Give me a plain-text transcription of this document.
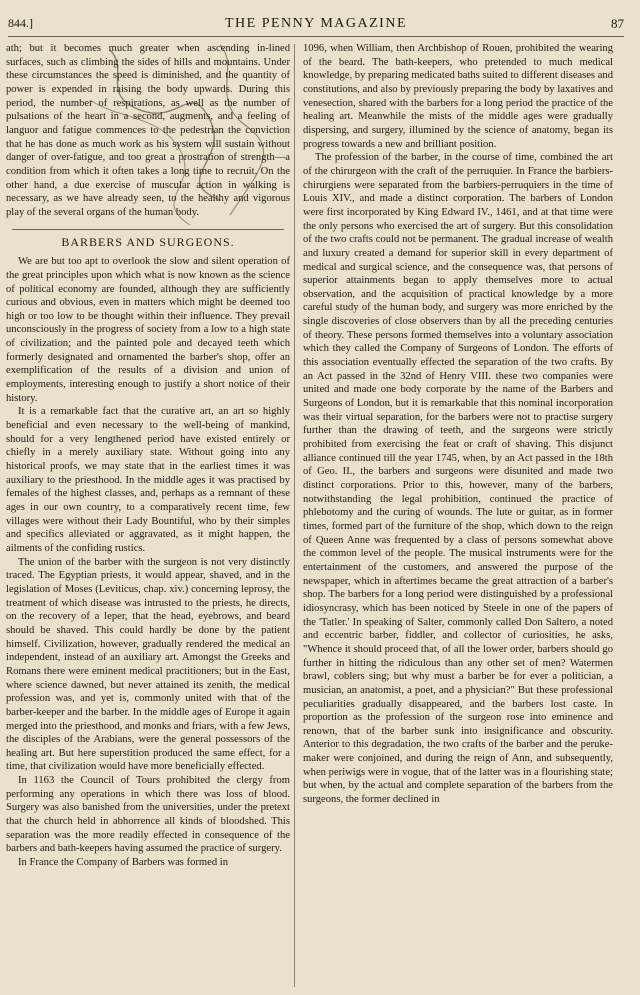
844.]	THE PENNY MAGAZINE	87

ath; but it becomes much greater when ascending in-lined surfaces, such as climbing the sides of hills and mountains. Under these circumstances the speed is diminished, and the quantity of power is expended in raising the body upwards. During this period, the number of respirations, as well as the number of pulsations of the heart in a second, augments, and a feeling of languor and fatigue commences to the pedestrian the conviction that he has done as much work as his system will sustain without danger of over-fatigue, and too great a prostration of strength—a condition from which it often takes a long time to recruit. On the other hand, a due exercise of muscular action in walking is necessary, as we have already seen, to the healthy and vigorous play of the several organs of the human body.

BARBERS AND SURGEONS.

We are but too apt to overlook the slow and silent operation of the great principles upon which what is now known as the science of political economy are founded, although they are sufficiently curious and obvious, even in matters which might be deemed too high or too low to be thought within their influence. They prevail unconsciously in the progress of society from a low to a high state of civilization; and the painted pole and decayed teeth which formerly designated and ornamented the barber's shop, offer an exemplification of the results of a division and union of employments, interesting enough to justify a short notice of their history.

It is a remarkable fact that the curative art, an art so highly beneficial and even necessary to the well-being of mankind, should for a very lengthened period have existed entirely or chiefly in a merely auxiliary state. Without going into any historical proofs, we may state that in the earliest times it was auxiliary to the priesthood. In the middle ages it was practised by females of the highest classes, and, perhaps as a remnant of these ages in our own country, to a comparatively recent time, few villages were without their Lady Bountiful, who by their simples and specifics alleviated or aggravated, as it might happen, the ailments of the confiding rustics.

The union of the barber with the surgeon is not very distinctly traced. The Egyptian priests, it would appear, shaved, and in the legislation of Moses (Leviticus, chap. xiv.) concerning leprosy, the treatment of which disease was intrusted to the priests, he directs, on the recovery of a leper, that the head, eyebrows, and beard should be shaved. This could hardly be done by the patient himself. Civilization, however, gradually rendered the medical an independent, instead of an auxiliary art. Amongst the Greeks and Romans there were eminent medical practitioners; but in the East, where science dawned, but never attained its zenith, the medical profession was, and yet is, commonly united with that of the barber-keeper and the barber. In the middle ages of Europe it again merged into the priesthood, and monks and friars, with a few Jews, the disciples of the Arabians, were the general possessors of the healing art. But here superstition produced the same effect, for a time, that civilization would have more beneficially effected.

In 1163 the Council of Tours prohibited the clergy from performing any operations in which there was loss of blood. Surgery was also banished from the universities, under the pretext that the church held in abhorrence all kinds of bloodshed. This separation was the more readily effected in consequence of the barbers and bath-keepers having assumed the practice of surgery.

In France the Company of Barbers was formed in

1096, when William, then Archbishop of Rouen, prohibited the wearing of the beard. The bath-keepers, who pretended to much medical knowledge, by preparing medicated baths suited to different diseases and constitutions, and also by previously preparing the body by laxatives and venesection, shared with the barbers for a long period the practice of the healing art. Meanwhile the mists of the middle ages were gradually dispersing, and surgery, illumined by the science of anatomy, began its progress towards a new and brilliant position.

The profession of the barber, in the course of time, combined the art of the chirurgeon with the craft of the perruquier. In France the barbiers-chirurgiens were separated from the barbiers-perruquiers in the time of Louis XIV., and made a distinct corporation. The barbers of London were first incorporated by King Edward IV., 1461, and at that time were the only persons who exercised the art of surgery. But this consolidation of the two crafts could not be permanent. The gradual increase of wealth and luxury created a demand for superior skill in every department of medical and surgical science, and the consequence was, that persons of superior attainments began to apply themselves more to actual observation, and the acquisition of practical knowledge by a more careful study of the human body, and surgery was more enriched by the single discoveries of close observers than by all the preceding centuries of theory. These persons formed themselves into a voluntary association which they called the Company of Surgeons of London. The efforts of this association eventually effected the separation of the two crafts. By an Act passed in the 32nd of Henry VIII. these two companies were united and made one body corporate by the name of the Barbers and Surgeons of London, but it is remarkable that this nominal incorporation was their virtual separation, for the barbers were not to practise surgery further than the drawing of teeth, and the surgeons were strictly prohibited from exercising the feat or craft of shaving. This disjunct alliance continued till the year 1745, when, by an Act passed in the 18th of Geo. II., the barbers and surgeons were disunited and made two distinct corporations. Prior to this, however, many of the barbers, notwithstanding the legal prohibition, continued the practice of phlebotomy and the curing of wounds. The lute or guitar, as in former times, formed part of the furniture of the shop, which down to the reign of Queen Anne was frequented by a class of persons somewhat above the common level of the people. The musical instruments were for the entertainment of the customers, and answered the purpose of the newspaper, which in aftertimes became the great attraction of a barber's shop. The barbers for a long period were distinguished by a professional idiosyncrasy, which has been noticed by Steele in one of the papers of the 'Tatler.' In speaking of Salter, commonly called Don Saltero, a noted and eccentric barber, fiddler, and collector of curiosities, he asks, "Whence it should proceed that, of all the lower order, barbers should go further in hitting the ridiculous than any other set of men? Watermen brawl, coblers sing; but why must a barber be for ever a politician, a musician, an anatomist, a poet, and a physician?" But these professional peculiarities gradually disappeared, and the barbers lost caste. In proportion as the profession of the surgeon rose into eminence and renown, that of the barber sunk into insignificance and obscurity. Anterior to this degradation, the two crafts of the barber and the peruke-maker were conjoined, and during the reign of Ann, and subsequently, when periwigs were in vogue, that of the latter was in a flourishing state; but when, by the actual and complete separation of the barbers from the surgeons, the former declined in
